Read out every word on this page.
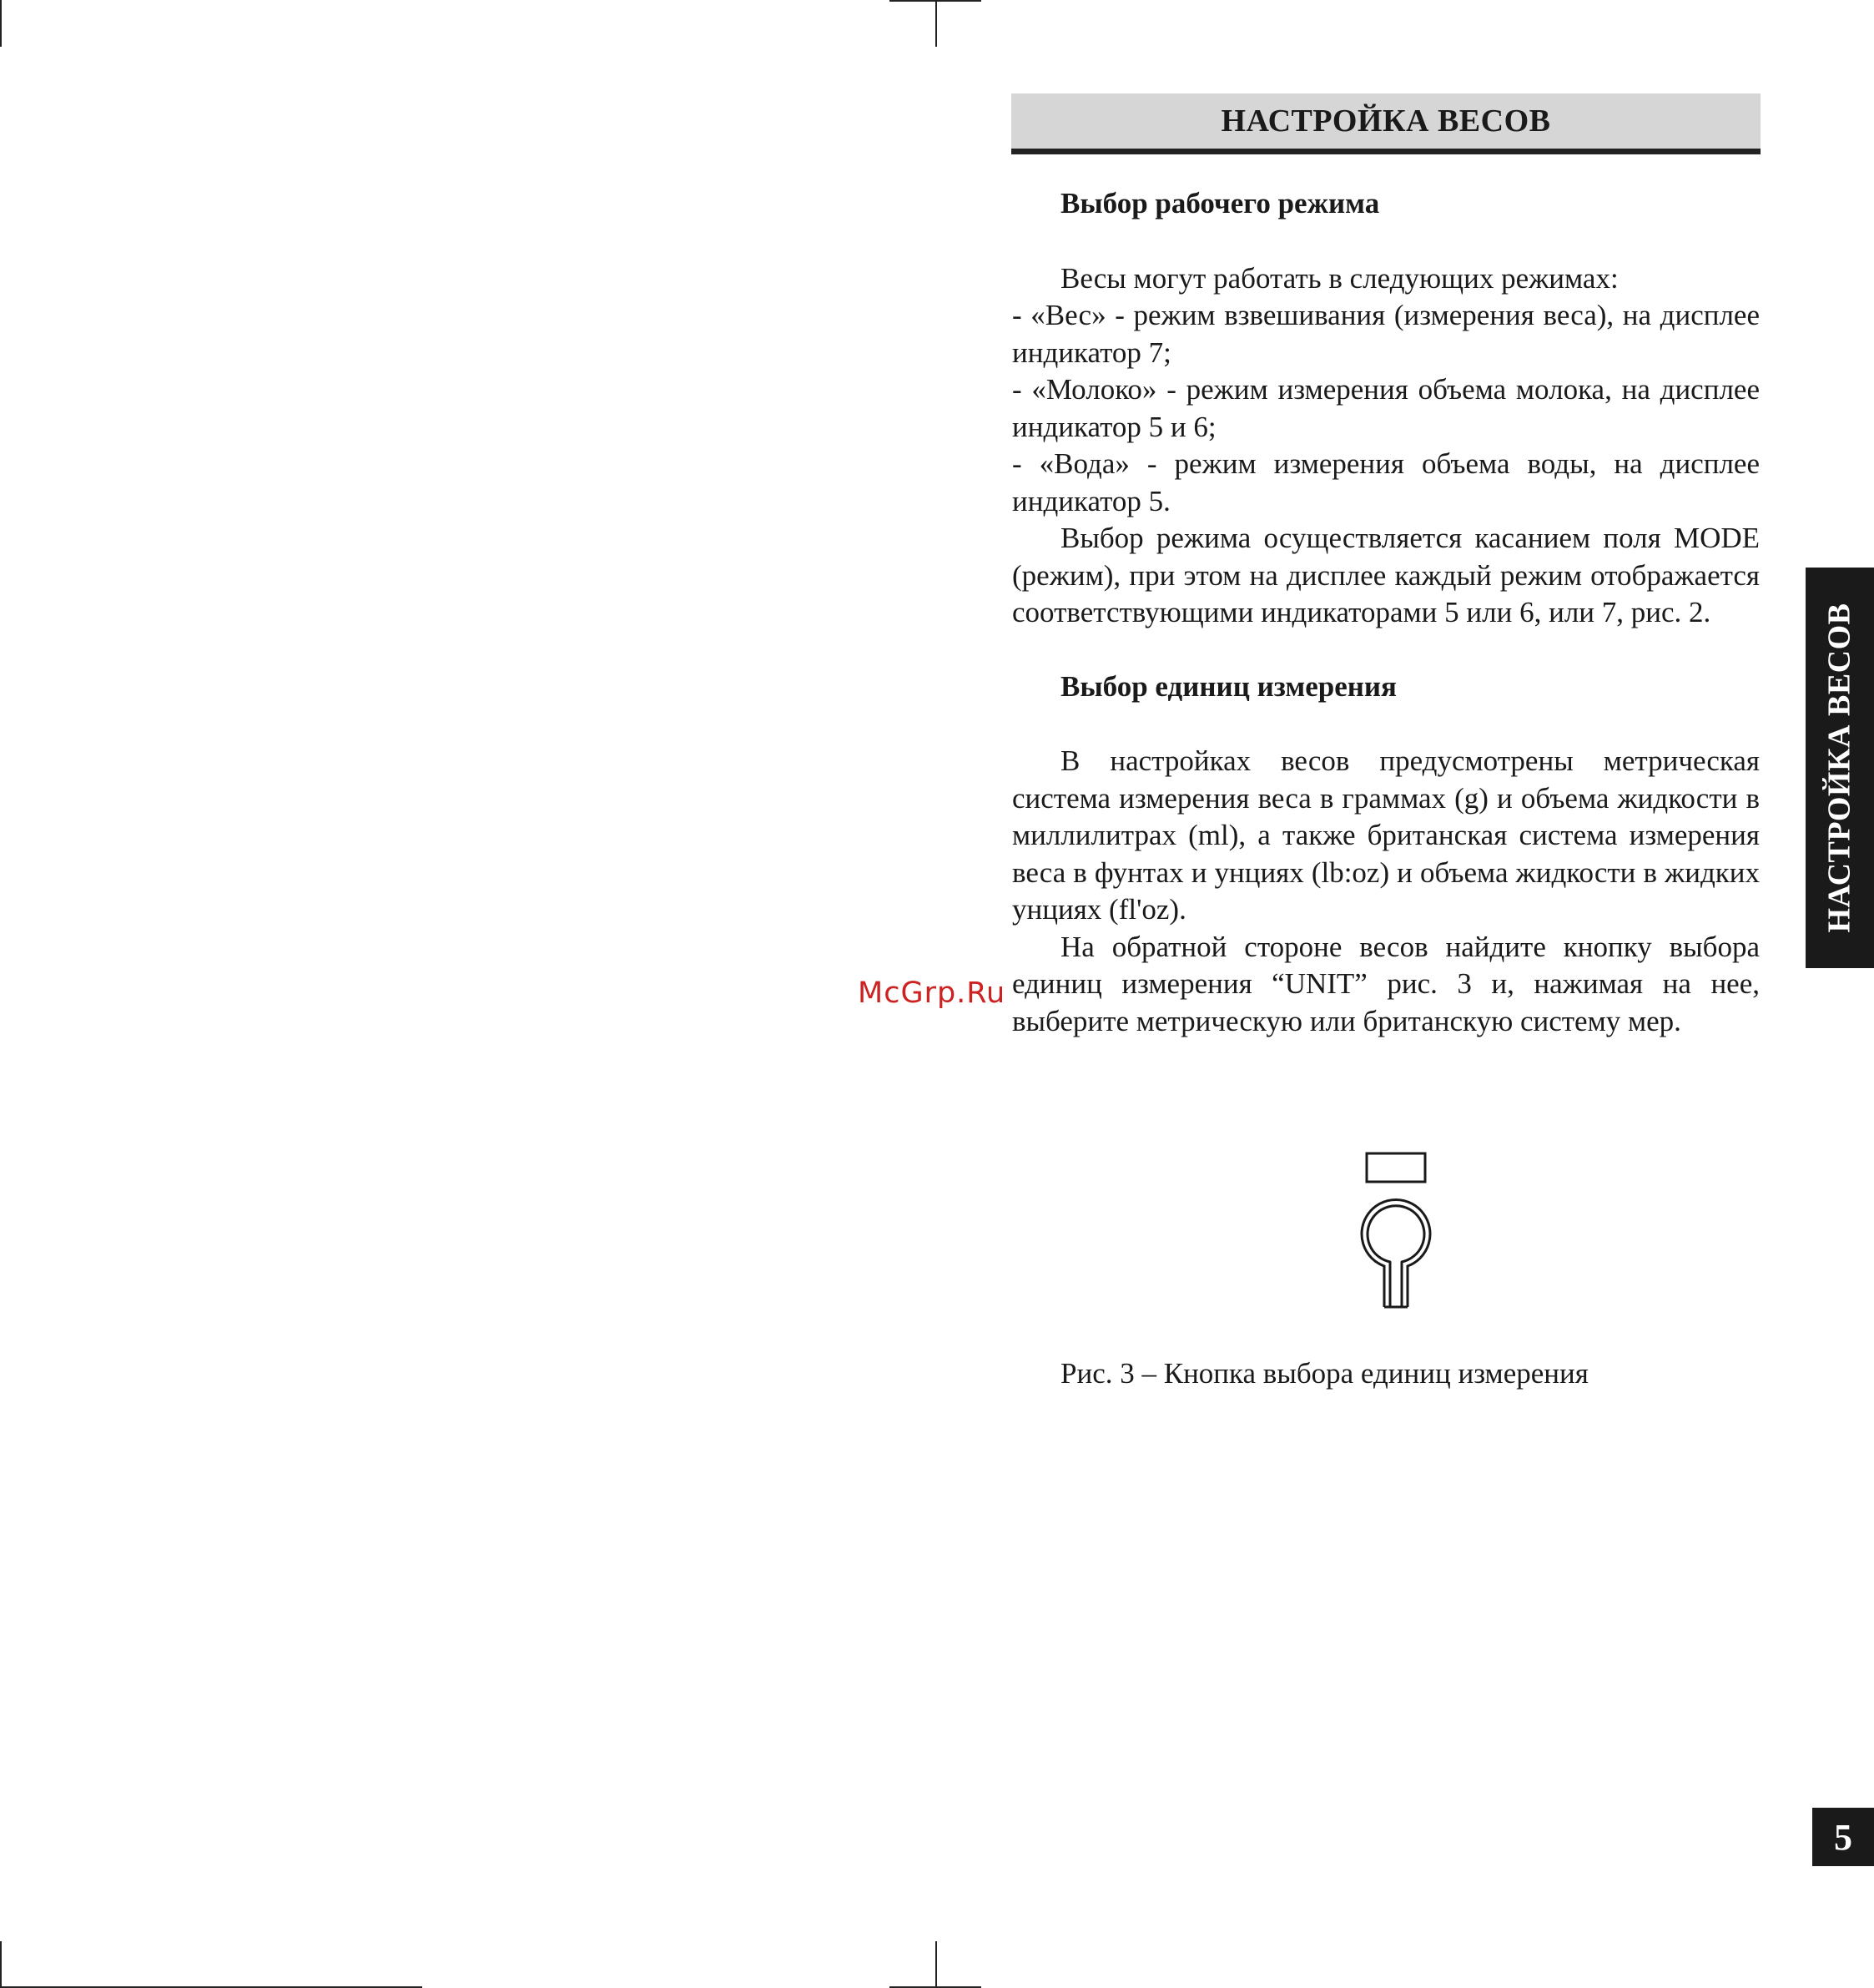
НАСТРОЙКА ВЕСОВ

Выбор рабочего режима

Весы могут работать в следующих режимах:

- «Вес» - режим взвешивания (измерения веса), на дисплее индикатор 7;

- «Молоко» - режим измерения объема молока, на дисплее индикатор 5 и 6;

- «Вода» - режим измерения объема воды, на дисплее индикатор 5.

Выбор режима осуществляется касанием поля MODE (режим), при этом на дисплее каждый режим отображается соответствующими индикаторами 5 или 6, или 7, рис. 2.

Выбор единиц измерения

В настройках весов предусмотрены метрическая система измерения веса в граммах (g) и объема жидкости в миллилитрах (ml), а также британская система измерения веса в фунтах и унциях (lb:oz) и объема жидкости в жидких унциях (fl'oz).

На обратной стороне весов найдите кнопку выбора единиц измерения “UNIT” рис. 3 и, нажимая на нее, выберите метрическую или британскую систему мер.

McGrp.Ru
Рис. 3 – Кнопка выбора единиц измерения
НАСТРОЙКА ВЕСОВ
5
